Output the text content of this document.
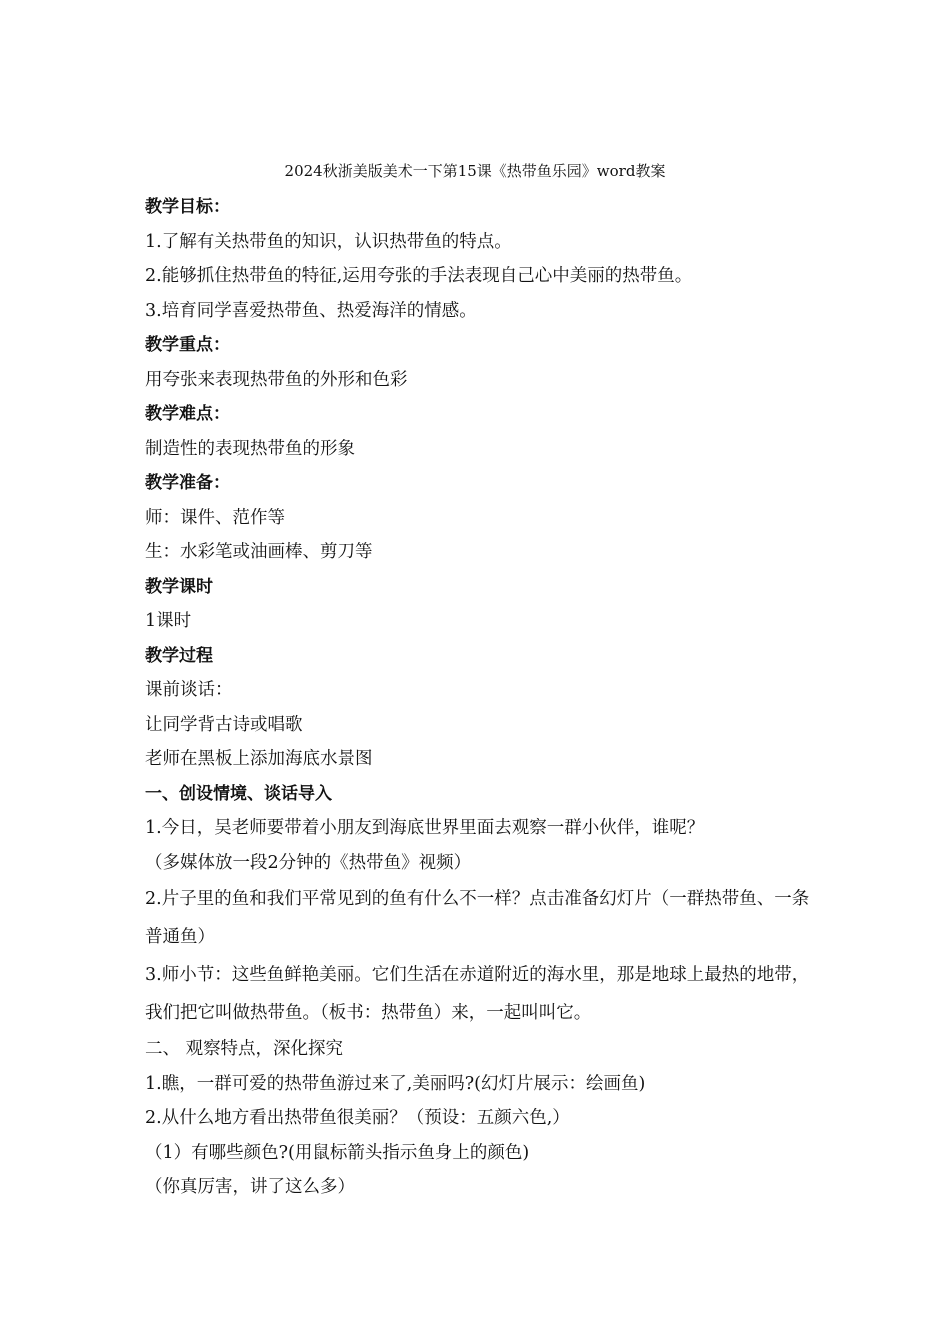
2024秋浙美版美术一下第15课《热带鱼乐园》word教案
教学目标：
1.了解有关热带鱼的知识，认识热带鱼的特点。
2.能够抓住热带鱼的特征,运用夸张的手法表现自己心中美丽的热带鱼。
3.培育同学喜爱热带鱼、热爱海洋的情感。
教学重点：
用夸张来表现热带鱼的外形和色彩
教学难点：
制造性的表现热带鱼的形象
教学准备：
师：课件、范作等
生：水彩笔或油画棒、剪刀等
教学课时
1课时
教学过程
课前谈话：
让同学背古诗或唱歌
老师在黑板上添加海底水景图
一、创设情境、谈话导入
1.今日，吴老师要带着小朋友到海底世界里面去观察一群小伙伴，谁呢？
（多媒体放一段2分钟的《热带鱼》视频）
2.片子里的鱼和我们平常见到的鱼有什么不一样？点击准备幻灯片（一群热带鱼、一条普通鱼）
3.师小节：这些鱼鲜艳美丽。它们生活在赤道附近的海水里，那是地球上最热的地带，我们把它叫做热带鱼。（板书：热带鱼）来，一起叫叫它。
二、 观察特点，深化探究
1.瞧，一群可爱的热带鱼游过来了,美丽吗?(幻灯片展示：绘画鱼)
2.从什么地方看出热带鱼很美丽？（预设：五颜六色,）
（1）有哪些颜色?(用鼠标箭头指示鱼身上的颜色)
（你真厉害，讲了这么多）
